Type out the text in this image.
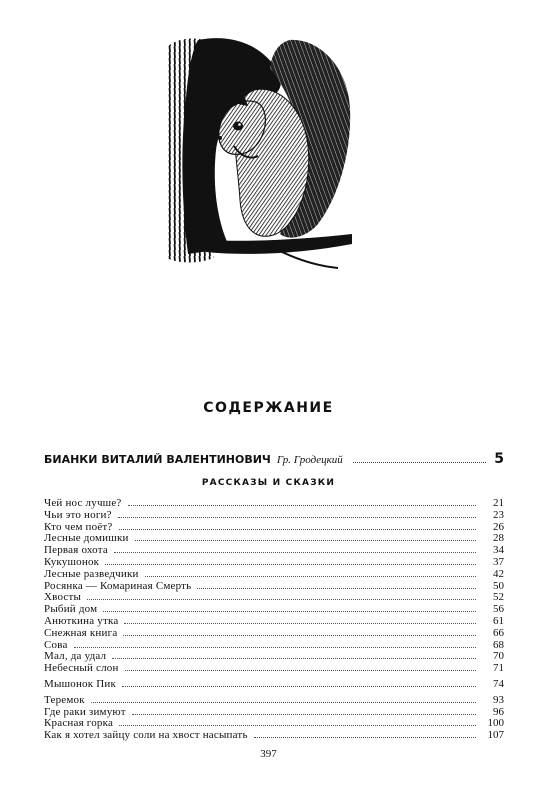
СОДЕРЖАНИЕ
БИАНКИ ВИТАЛИЙ ВАЛЕНТИНОВИЧ Гр. Гродецкий	5
РАССКАЗЫ И СКАЗКИ
Чей нос лучше?	21
Чьи это ноги?	23
Кто чем поёт?	26
Лесные домишки	28
Первая охота	34
Кукушонок	37
Лесные разведчики	42
Росянка — Комариная Смерть	50
Хвосты	52
Рыбий дом	56
Анюткина утка	61
Снежная книга	66
Сова	68
Мал, да удал	70
Небесный слон	71
Мышонок Пик	74
Теремок	93
Где раки зимуют	96
Красная горка	100
Как я хотел зайцу соли на хвост насыпать	107
397
